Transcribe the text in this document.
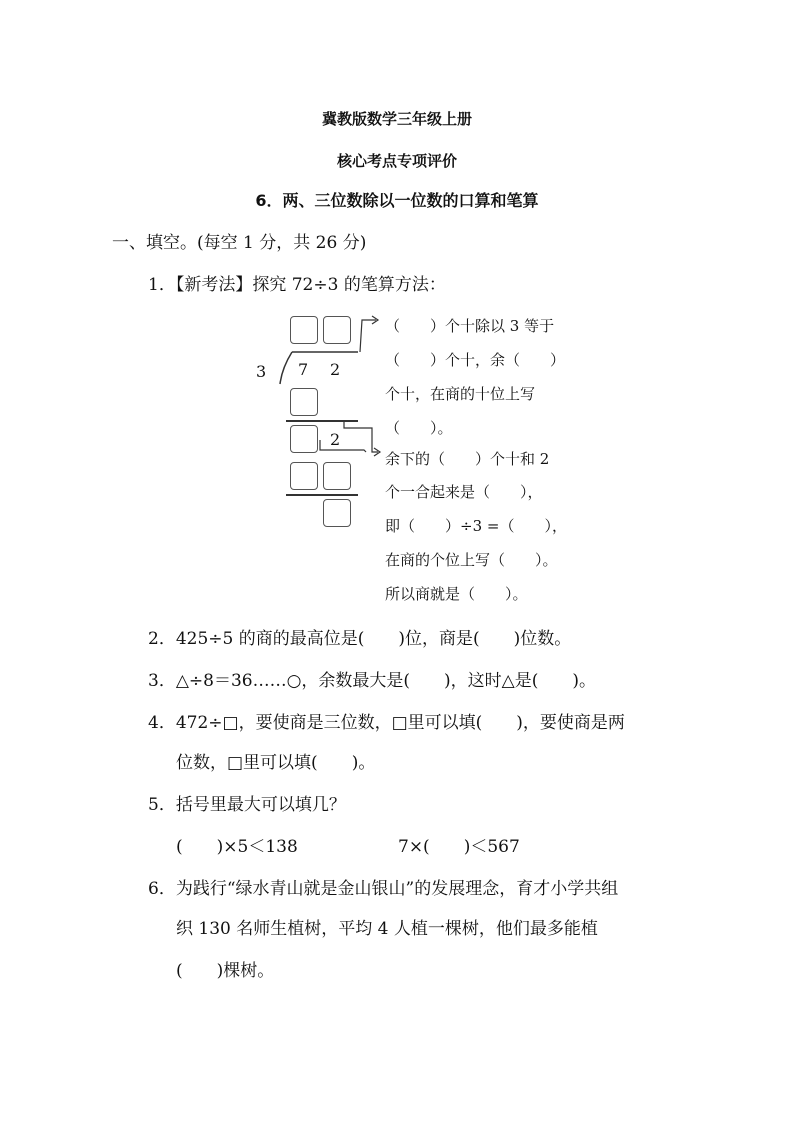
冀教版数学三年级上册
核心考点专项评价
6．两、三位数除以一位数的口算和笔算
一、填空。(每空 1 分，共 26 分)
1．【新考法】探究 72÷3 的笔算方法：
3 7 2
2
（　　）个十除以 3 等于
（　　）个十，余（　　）
个十，在商的十位上写
（　　）。
余下的（　　）个十和 2
个一合起来是（　　），
即（　　）÷3 =（　　），
在商的个位上写（　　）。
所以商就是（　　）。
2．425÷5 的商的最高位是(　　)位，商是(　　)位数。
3．△÷8＝36……○，余数最大是(　　)，这时△是(　　)。
4．472÷□，要使商是三位数，□里可以填(　　)，要使商是两
位数，□里可以填(　　)。
5．括号里最大可以填几？
(　　)×5＜138	7×(　　)＜567
6．为践行“绿水青山就是金山银山”的发展理念，育才小学共组
织 130 名师生植树，平均 4 人植一棵树，他们最多能植
(　　)棵树。
